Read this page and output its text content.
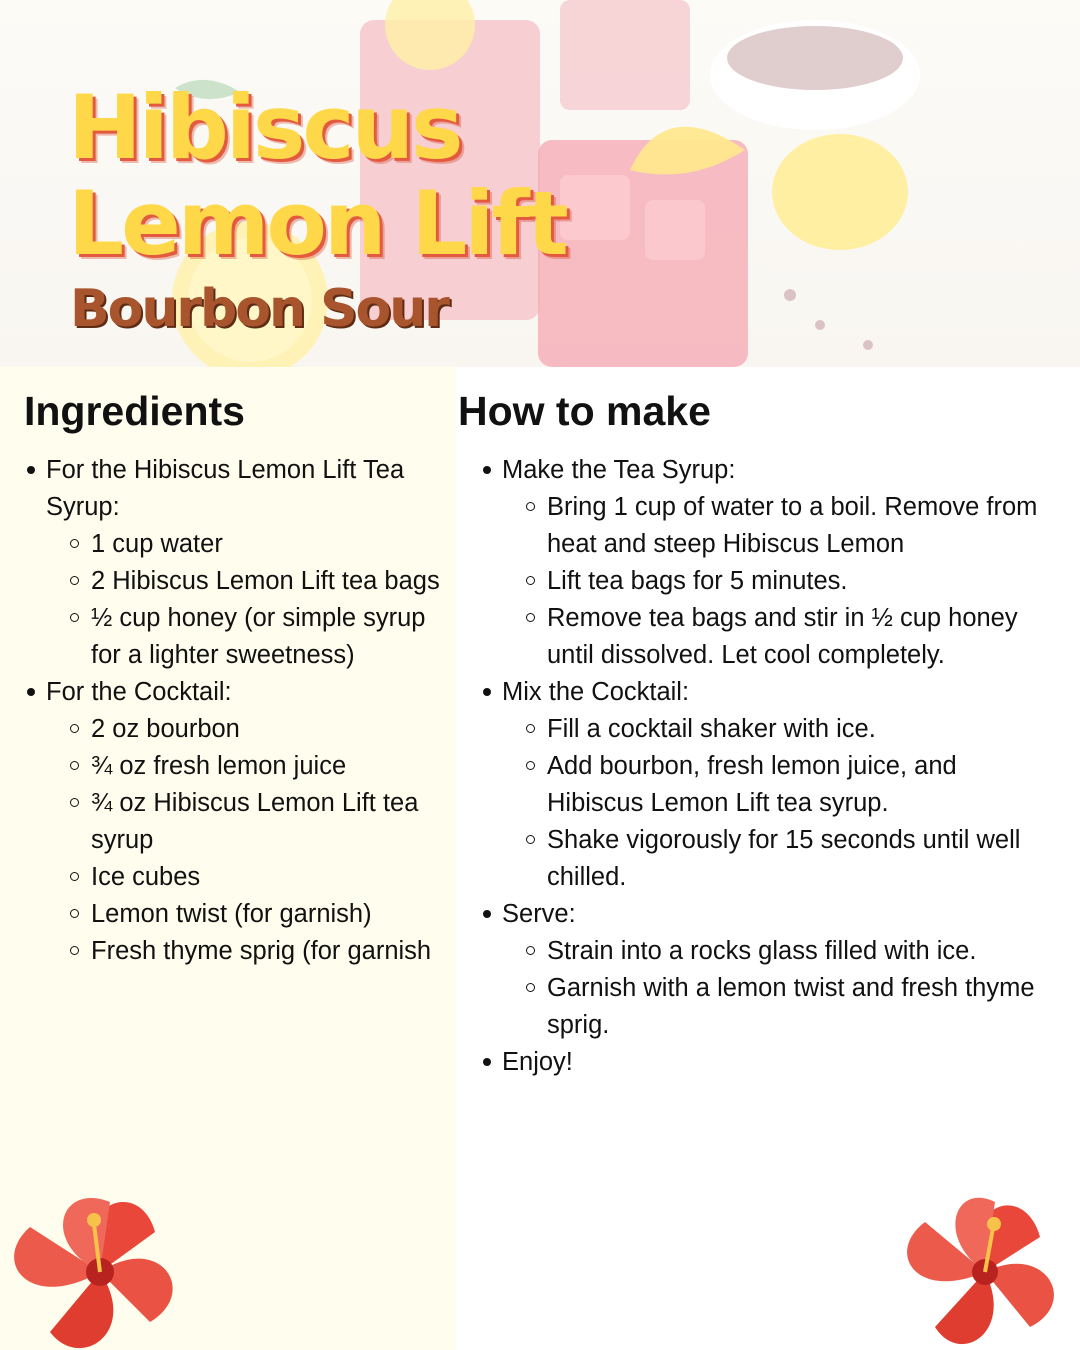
Hibiscus
Lemon Lift
Bourbon Sour
Ingredients	How to make
For the Hibiscus Lemon Lift Tea
Syrup:
1 cup water
2 Hibiscus Lemon Lift tea bags
½ cup honey (or simple syrup
for a lighter sweetness)
For the Cocktail:
2 oz bourbon
¾ oz fresh lemon juice
¾ oz Hibiscus Lemon Lift tea
syrup
Ice cubes
Lemon twist (for garnish)
Fresh thyme sprig (for garnish
Make the Tea Syrup:
Bring 1 cup of water to a boil. Remove from
heat and steep Hibiscus Lemon
Lift tea bags for 5 minutes.
Remove tea bags and stir in ½ cup honey
until dissolved. Let cool completely.
Mix the Cocktail:
Fill a cocktail shaker with ice.
Add bourbon, fresh lemon juice, and
Hibiscus Lemon Lift tea syrup.
Shake vigorously for 15 seconds until well
chilled.
Serve:
Strain into a rocks glass filled with ice.
Garnish with a lemon twist and fresh thyme
sprig.
Enjoy!
